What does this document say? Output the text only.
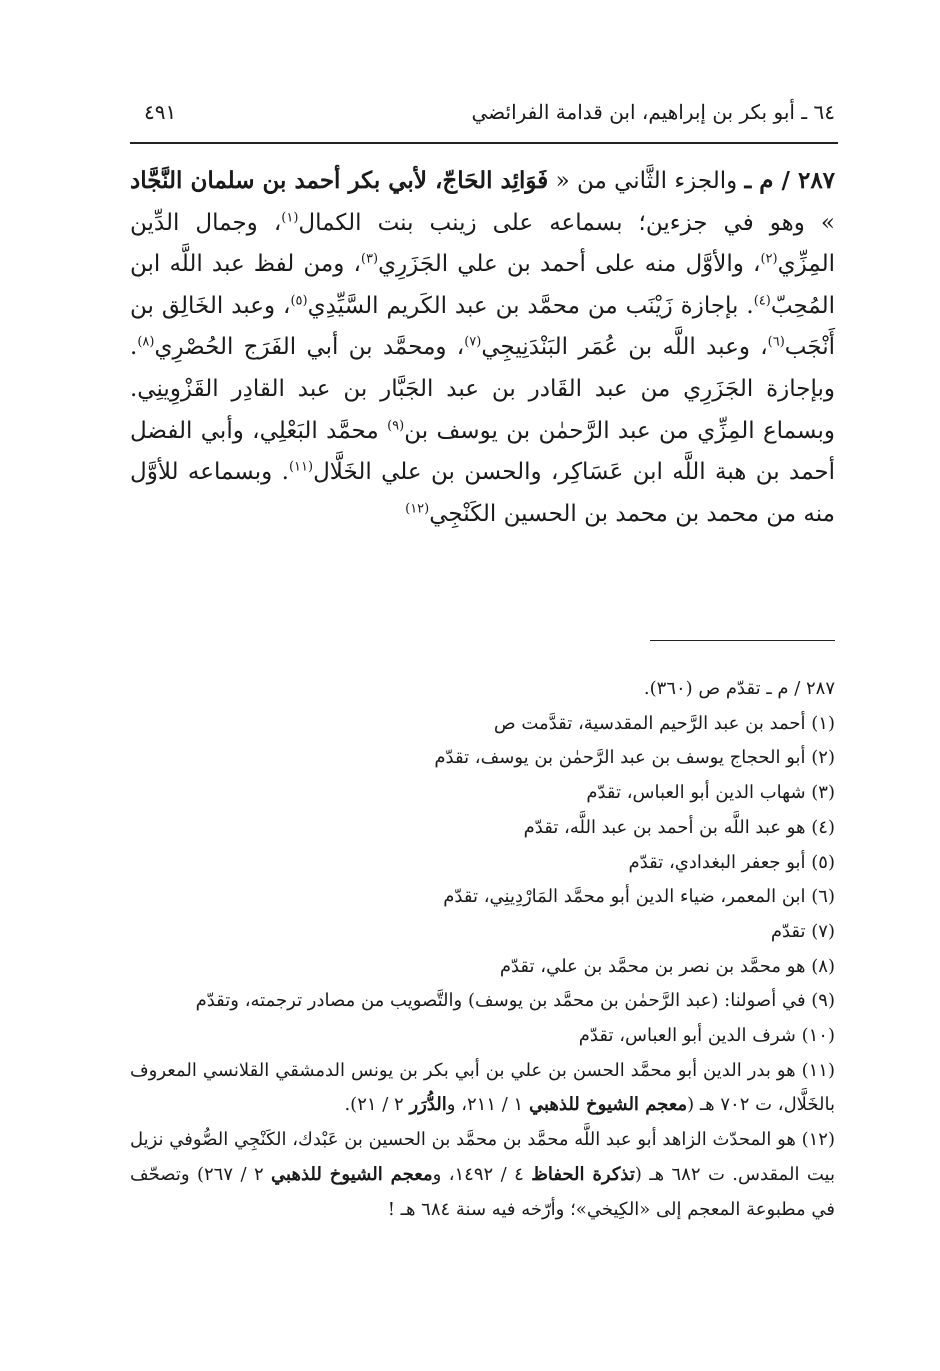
٦٤ ـ أبو بكر بن إبراهيم، ابن قدامة الفرائضي
٤٩١

٢٨٧ / م ـ والجزء الثَّاني من « فَوَائِد الحَاجّ، لأبي بكر أحمد بن سلمان النَّجَّاد » وهو في جزءين؛ بسماعه على زينب بنت الكمال$^{(١)}$، وجمال الدِّين المِزِّي$^{(٢)}$، والأوَّل منه على أحمد بن علي الجَزَرِي$^{(٣)}$، ومن لفظ عبد اللَّه ابن المُحِبّ$^{(٤)}$. بإجازة زَيْنَب من محمَّد بن عبد الكَريم السَّيِّدِي$^{(٥)}$، وعبد الخَالِق بن أَنْجَب$^{(٦)}$، وعبد اللَّه بن عُمَر البَنْدَنِيجِي$^{(٧)}$، ومحمَّد بن أبي الفَرَج الحُصْرِي$^{(٨)}$. وبإجازة الجَزَرِي من عبد القَادر بن عبد الجَبَّار بن عبد القادِر القَزْوِينِي. وبسماع المِزِّي من عبد الرَّحمٰن بن يوسف بن$^{(٩)}$ محمَّد البَعْلِي، وأبي الفضل أحمد بن هبة اللَّه ابن عَسَاكِر، والحسن بن علي الخَلَّال$^{(١١)}$. وبسماعه للأوَّل منه من محمد بن محمد بن الحسين الكَنْجِي$^{(١٢)}$

٢٨٧ / م ـ تقدّم ص (٣٦٠).
(١) أحمد بن عبد الرَّحيم المقدسية، تقدَّمت ص
(٢) أبو الحجاج يوسف بن عبد الرَّحمٰن بن يوسف، تقدّم
(٣) شهاب الدين أبو العباس، تقدّم
(٤) هو عبد اللَّه بن أحمد بن عبد اللَّه، تقدّم
(٥) أبو جعفر البغدادي، تقدّم
(٦) ابن المعمر، ضياء الدين أبو محمَّد المَارْدِينِي، تقدّم
(٧) تقدّم
(٨) هو محمَّد بن نصر بن محمَّد بن علي، تقدّم
(٩) في أصولنا: (عبد الرَّحمٰن بن محمَّد بن يوسف) والتَّصويب من مصادر ترجمته، وتقدّم
(١٠) شرف الدين أبو العباس، تقدّم
(١١) هو بدر الدين أبو محمَّد الحسن بن علي بن أبي بكر بن يونس الدمشقي القلانسي المعروف بالخَلَّال، ت ٧٠٢ هـ (معجم الشيوخ للذهبي ١ / ٢١١، والدُّرَر ٢ / ٢١).
(١٢) هو المحدّث الزاهد أبو عبد اللَّه محمَّد بن محمَّد بن الحسين بن عَبْدك، الكَنْجِي الصُّوفي نزيل بيت المقدس. ت ٦٨٢ هـ (تذكرة الحفاظ ٤ / ١٤٩٢، ومعجم الشيوخ للذهبي ٢ / ٢٦٧) وتصحّف في مطبوعة المعجم إلى «الكِيخي»؛ وأرّخه فيه سنة ٦٨٤ هـ !
